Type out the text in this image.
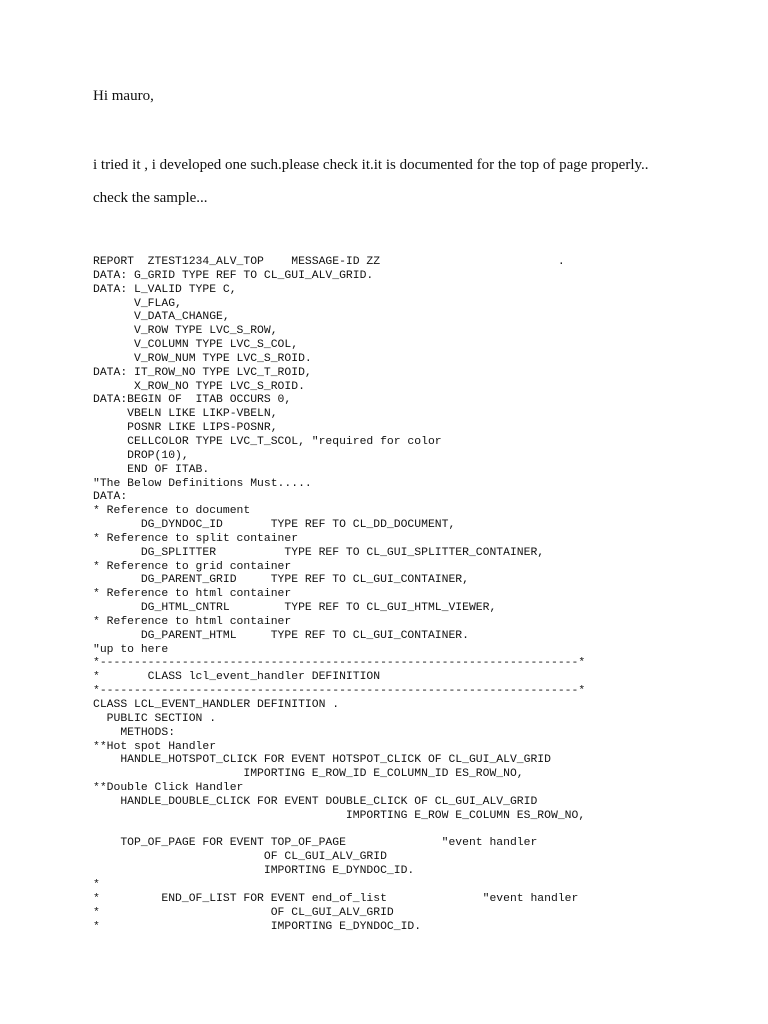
Hi mauro,

i tried it , i developed one such.please check it.it is documented for the top of page properly..

check the sample...

REPORT  ZTEST1234_ALV_TOP    MESSAGE-ID ZZ                          .
DATA: G_GRID TYPE REF TO CL_GUI_ALV_GRID.
DATA: L_VALID TYPE C,
V_FLAG,
V_DATA_CHANGE,
V_ROW TYPE LVC_S_ROW,
V_COLUMN TYPE LVC_S_COL,
V_ROW_NUM TYPE LVC_S_ROID.
DATA: IT_ROW_NO TYPE LVC_T_ROID,
X_ROW_NO TYPE LVC_S_ROID.
DATA:BEGIN OF  ITAB OCCURS 0,
VBELN LIKE LIKP-VBELN,
POSNR LIKE LIPS-POSNR,
CELLCOLOR TYPE LVC_T_SCOL, "required for color
DROP(10),
END OF ITAB.
"The Below Definitions Must.....
DATA:
* Reference to document
DG_DYNDOC_ID       TYPE REF TO CL_DD_DOCUMENT,
* Reference to split container
DG_SPLITTER          TYPE REF TO CL_GUI_SPLITTER_CONTAINER,
* Reference to grid container
DG_PARENT_GRID     TYPE REF TO CL_GUI_CONTAINER,
* Reference to html container
DG_HTML_CNTRL        TYPE REF TO CL_GUI_HTML_VIEWER,
* Reference to html container
DG_PARENT_HTML     TYPE REF TO CL_GUI_CONTAINER.
"up to here
*----------------------------------------------------------------------*
*       CLASS lcl_event_handler DEFINITION
*----------------------------------------------------------------------*
CLASS LCL_EVENT_HANDLER DEFINITION .
PUBLIC SECTION .
METHODS:
**Hot spot Handler
HANDLE_HOTSPOT_CLICK FOR EVENT HOTSPOT_CLICK OF CL_GUI_ALV_GRID
IMPORTING E_ROW_ID E_COLUMN_ID ES_ROW_NO,
**Double Click Handler
HANDLE_DOUBLE_CLICK FOR EVENT DOUBLE_CLICK OF CL_GUI_ALV_GRID
IMPORTING E_ROW E_COLUMN ES_ROW_NO,
TOP_OF_PAGE FOR EVENT TOP_OF_PAGE              "event handler
OF CL_GUI_ALV_GRID
IMPORTING E_DYNDOC_ID.
*
*         END_OF_LIST FOR EVENT end_of_list              "event handler
*                         OF CL_GUI_ALV_GRID
*                         IMPORTING E_DYNDOC_ID.
